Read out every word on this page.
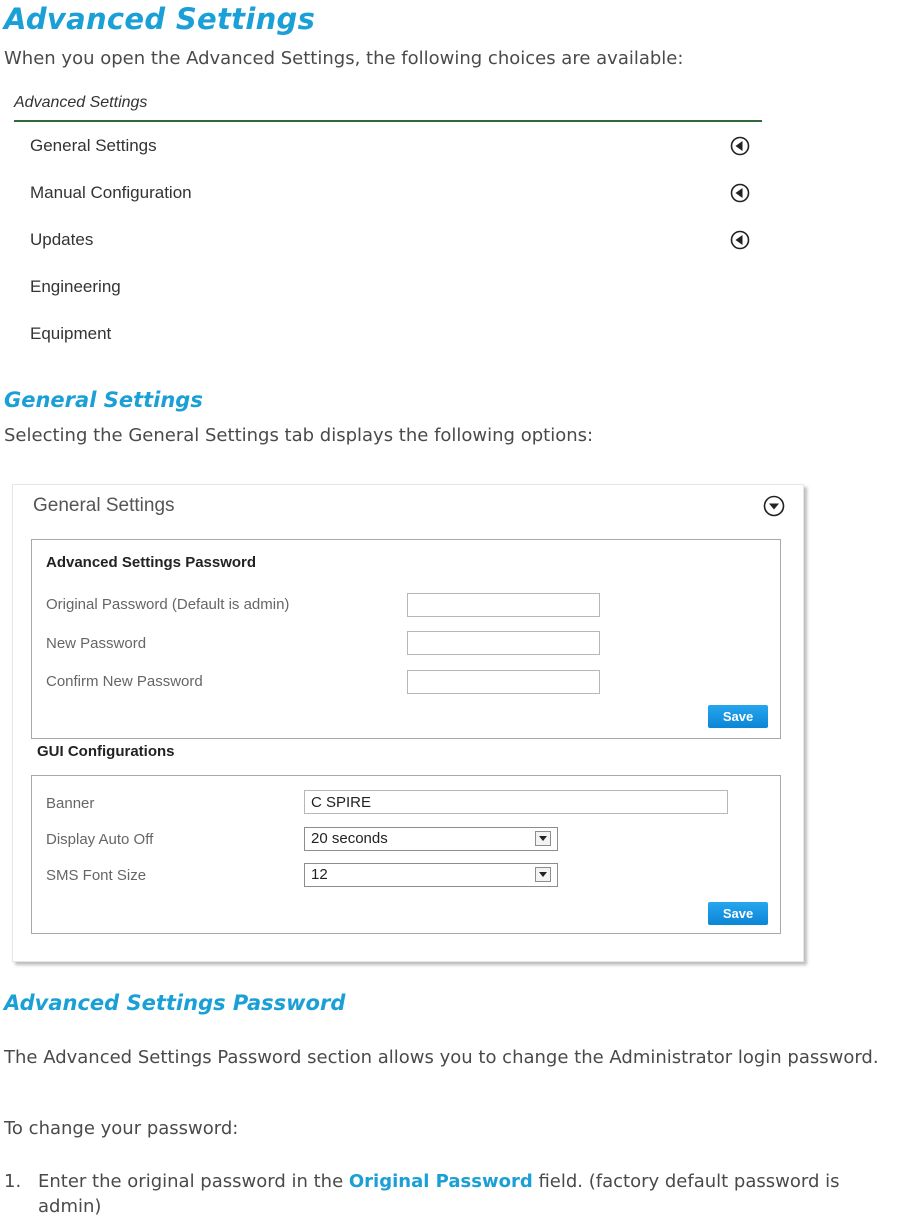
Advanced Settings

When you open the Advanced Settings, the following choices are available:

Advanced Settings
General Settings
Manual Configuration
Updates
Engineering
Equipment
General Settings

Selecting the General Settings tab displays the following options:

General Settings
Advanced Settings Password
Original Password (Default is admin)
New Password
Confirm New Password
Save
GUI Configurations
Banner
C SPIRE
Display Auto Off	20 seconds
SMS Font Size	12
Save
Advanced Settings Password

The Advanced Settings Password section allows you to change the Administrator login password.

To change your password:

1. Enter the original password in the Original Password field. (factory default password is admin)
